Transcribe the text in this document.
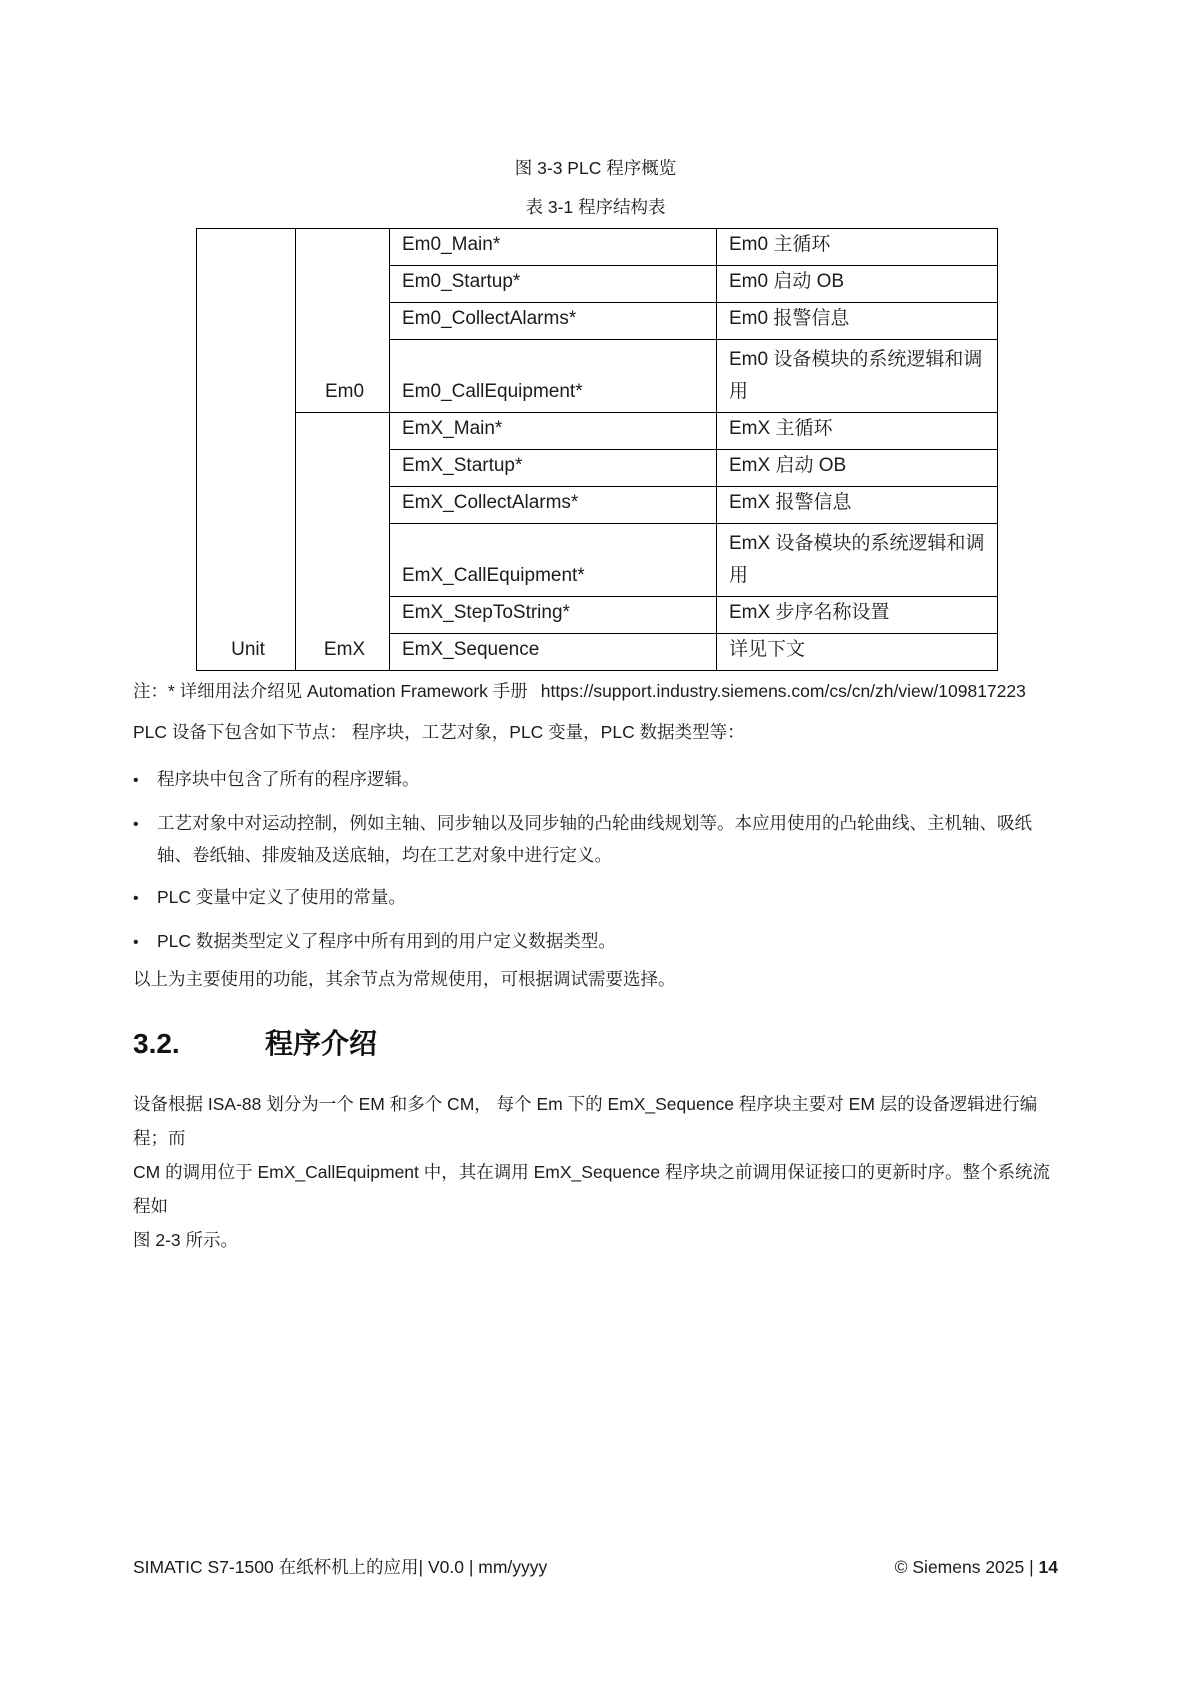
图 3-3 PLC 程序概览
表 3-1 程序结构表
Unit	Em0	Em0_Main*	Em0 主循环
		Em0_Startup*	Em0 启动 OB
		Em0_CollectAlarms*	Em0 报警信息
		Em0_CallEquipment*	Em0 设备模块的系统逻辑和调
用
	EmX	EmX_Main*	EmX 主循环
		EmX_Startup*	EmX 启动 OB
		EmX_CollectAlarms*	EmX 报警信息
		EmX_CallEquipment*	EmX 设备模块的系统逻辑和调
用
		EmX_StepToString*	EmX 步序名称设置
		EmX_Sequence	详见下文

注：* 详细用法介绍见 Automation Framework 手册 https://support.industry.siemens.com/cs/cn/zh/view/109817223

PLC 设备下包含如下节点： 程序块，工艺对象，PLC 变量，PLC 数据类型等：

•
程序块中包含了所有的程序逻辑。
•
工艺对象中对运动控制，例如主轴、同步轴以及同步轴的凸轮曲线规划等。本应用使用的凸轮曲线、主机轴、吸纸
轴、卷纸轴、排废轴及送底轴，均在工艺对象中进行定义。
•
PLC 变量中定义了使用的常量。
•
PLC 数据类型定义了程序中所有用到的用户定义数据类型。

以上为主要使用的功能，其余节点为常规使用，可根据调试需要选择。

3.2.	程序介绍

设备根据 ISA-88 划分为一个 EM 和多个 CM， 每个 Em 下的 EmX_Sequence 程序块主要对 EM 层的设备逻辑进行编程；而
CM 的调用位于 EmX_CallEquipment 中，其在调用 EmX_Sequence 程序块之前调用保证接口的更新时序。整个系统流程如
图 2-3 所示。

SIMATIC S7-1500 在纸杯机上的应用| V0.0 | mm/yyyy	© Siemens 2025 | 14
